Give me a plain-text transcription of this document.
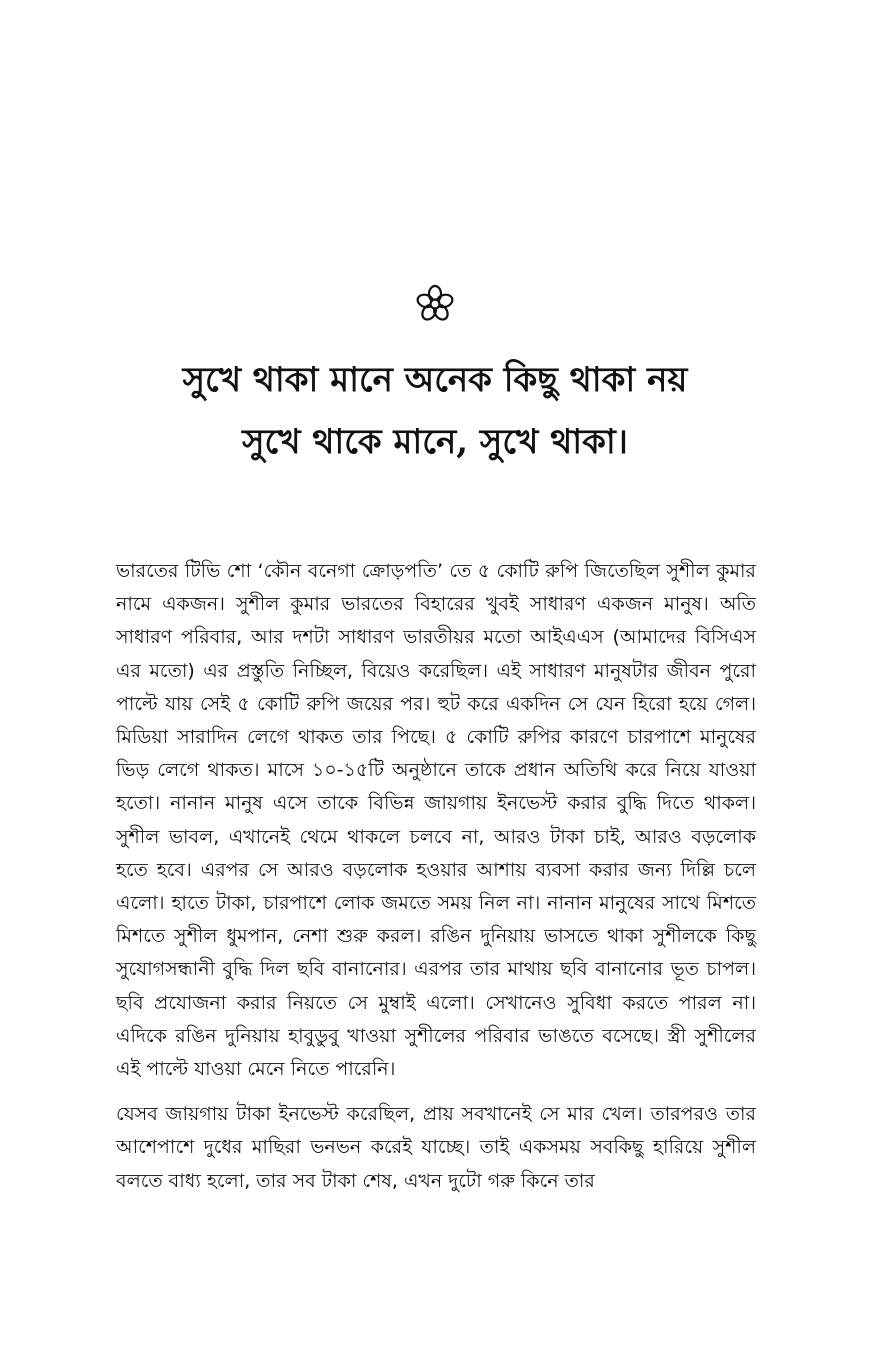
সুখে থাকা মানে অনেক কিছু থাকা নয়
সুখে থাকে মানে, সুখে থাকা।

ভারতের টিভি শো ‘কৌন বনেগা ক্রোড়পতি’ তে ৫ কোটি রুপি জিতেছিল সুশীল কুমার নামে একজন। সুশীল কুমার ভারতের বিহারের খুবই সাধারণ একজন মানুষ। অতি সাধারণ পরিবার, আর দশটা সাধারণ ভারতীয়র মতো আইএএস (আমাদের বিসিএস এর মতো) এর প্রস্তুতি নিচ্ছিল, বিয়েও করেছিল। এই সাধারণ মানুষটার জীবন পুরো পাল্টে যায় সেই ৫ কোটি রুপি জয়ের পর। হুট করে একদিন সে যেন হিরো হয়ে গেল। মিডিয়া সারাদিন লেগে থাকত তার পিছে। ৫ কোটি রুপির কারণে চারপাশে মানুষের ভিড় লেগে থাকত। মাসে ১০-১৫টি অনুষ্ঠানে তাকে প্রধান অতিথি করে নিয়ে যাওয়া হতো। নানান মানুষ এসে তাকে বিভিন্ন জায়গায় ইনভেস্ট করার বুদ্ধি দিতে থাকল। সুশীল ভাবল, এখানেই থেমে থাকলে চলবে না, আরও টাকা চাই, আরও বড়লোক হতে হবে। এরপর সে আরও বড়লোক হওয়ার আশায় ব্যবসা করার জন্য দিল্লি চলে এলো। হাতে টাকা, চারপাশে লোক জমতে সময় নিল না। নানান মানুষের সাথে মিশতে মিশতে সুশীল ধুমপান, নেশা শুরু করল। রঙিন দুনিয়ায় ভাসতে থাকা সুশীলকে কিছু সুযোগসন্ধানী বুদ্ধি দিল ছবি বানানোর। এরপর তার মাথায় ছবি বানানোর ভূত চাপল। ছবি প্রযোজনা করার নিয়তে সে মুম্বাই এলো। সেখানেও সুবিধা করতে পারল না। এদিকে রঙিন দুনিয়ায় হাবুডুবু খাওয়া সুশীলের পরিবার ভাঙতে বসেছে। স্ত্রী সুশীলের এই পাল্টে যাওয়া মেনে নিতে পারেনি।

যেসব জায়গায় টাকা ইনভেস্ট করেছিল, প্রায় সবখানেই সে মার খেল। তারপরও তার আশেপাশে দুধের মাছিরা ভনভন করেই যাচ্ছে। তাই একসময় সবকিছু হারিয়ে সুশীল বলতে বাধ্য হলো, তার সব টাকা শেষ, এখন দুটো গরু কিনে তার
